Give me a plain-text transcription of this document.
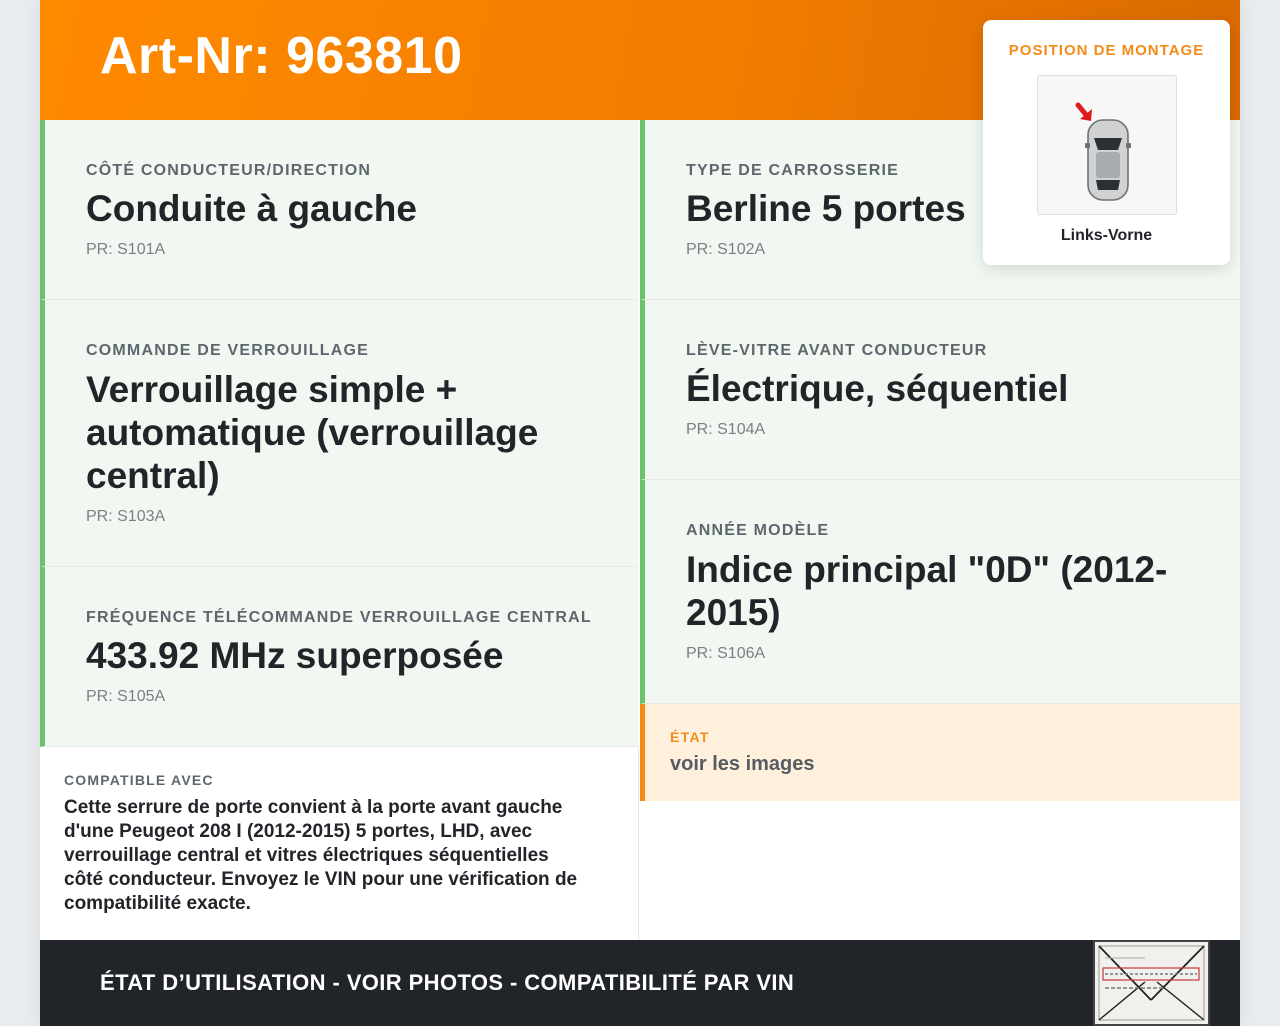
Art-Nr: 963810	POSITION DE MONTAGE
Links-Vorne
CÔTÉ CONDUCTEUR/DIRECTION
Conduite à gauche
PR: S101A
COMMANDE DE VERROUILLAGE
Verrouillage simple +
automatique (verrouillage
central)
PR: S103A
FRÉQUENCE TÉLÉCOMMANDE VERROUILLAGE CENTRAL
433.92 MHz superposée
PR: S105A
TYPE DE CARROSSERIE
Berline 5 portes
PR: S102A
LÈVE-VITRE AVANT CONDUCTEUR
Électrique, séquentiel
PR: S104A
ANNÉE MODÈLE
Indice principal "0D" (2012-
2015)
PR: S106A
ÉTAT
voir les images
COMPATIBLE AVEC
Cette serrure de porte convient à la porte avant gauche
d'une Peugeot 208 I (2012-2015) 5 portes, LHD, avec
verrouillage central et vitres électriques séquentielles
côté conducteur. Envoyez le VIN pour une vérification de
compatibilité exacte.
ÉTAT D’UTILISATION - VOIR PHOTOS - COMPATIBILITÉ PAR VIN
